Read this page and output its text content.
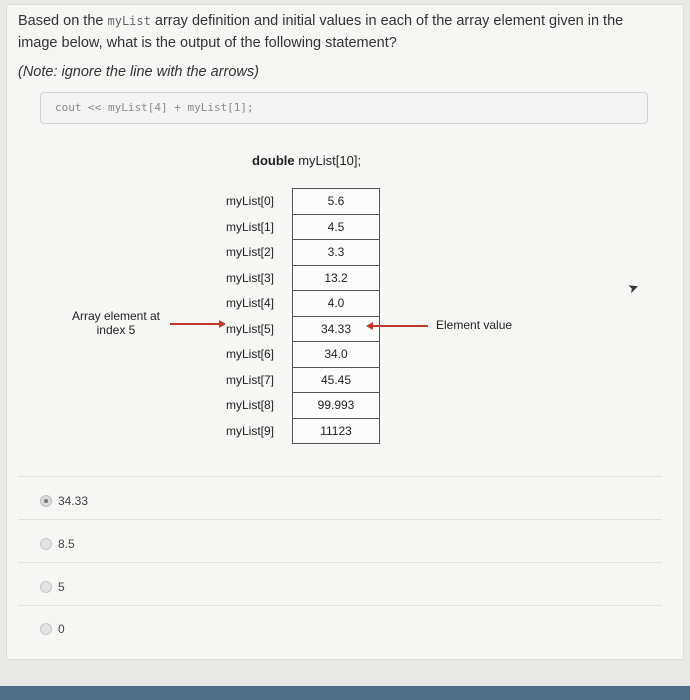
Based on the myList array definition and initial values in each of the array element given in the image below, what is the output of the following statement?
(Note: ignore the line with the arrows)
cout << myList[4] + myList[1];
double myList[10];
myList[0]	5.6
myList[1]	4.5
myList[2]	3.3
myList[3]	13.2
myList[4]	4.0
myList[5]	34.33
myList[6]	34.0
myList[7]	45.45
myList[8]	99.993
myList[9]	11123
Array element at index 5	Element value
➤
34.33
8.5
5
0
